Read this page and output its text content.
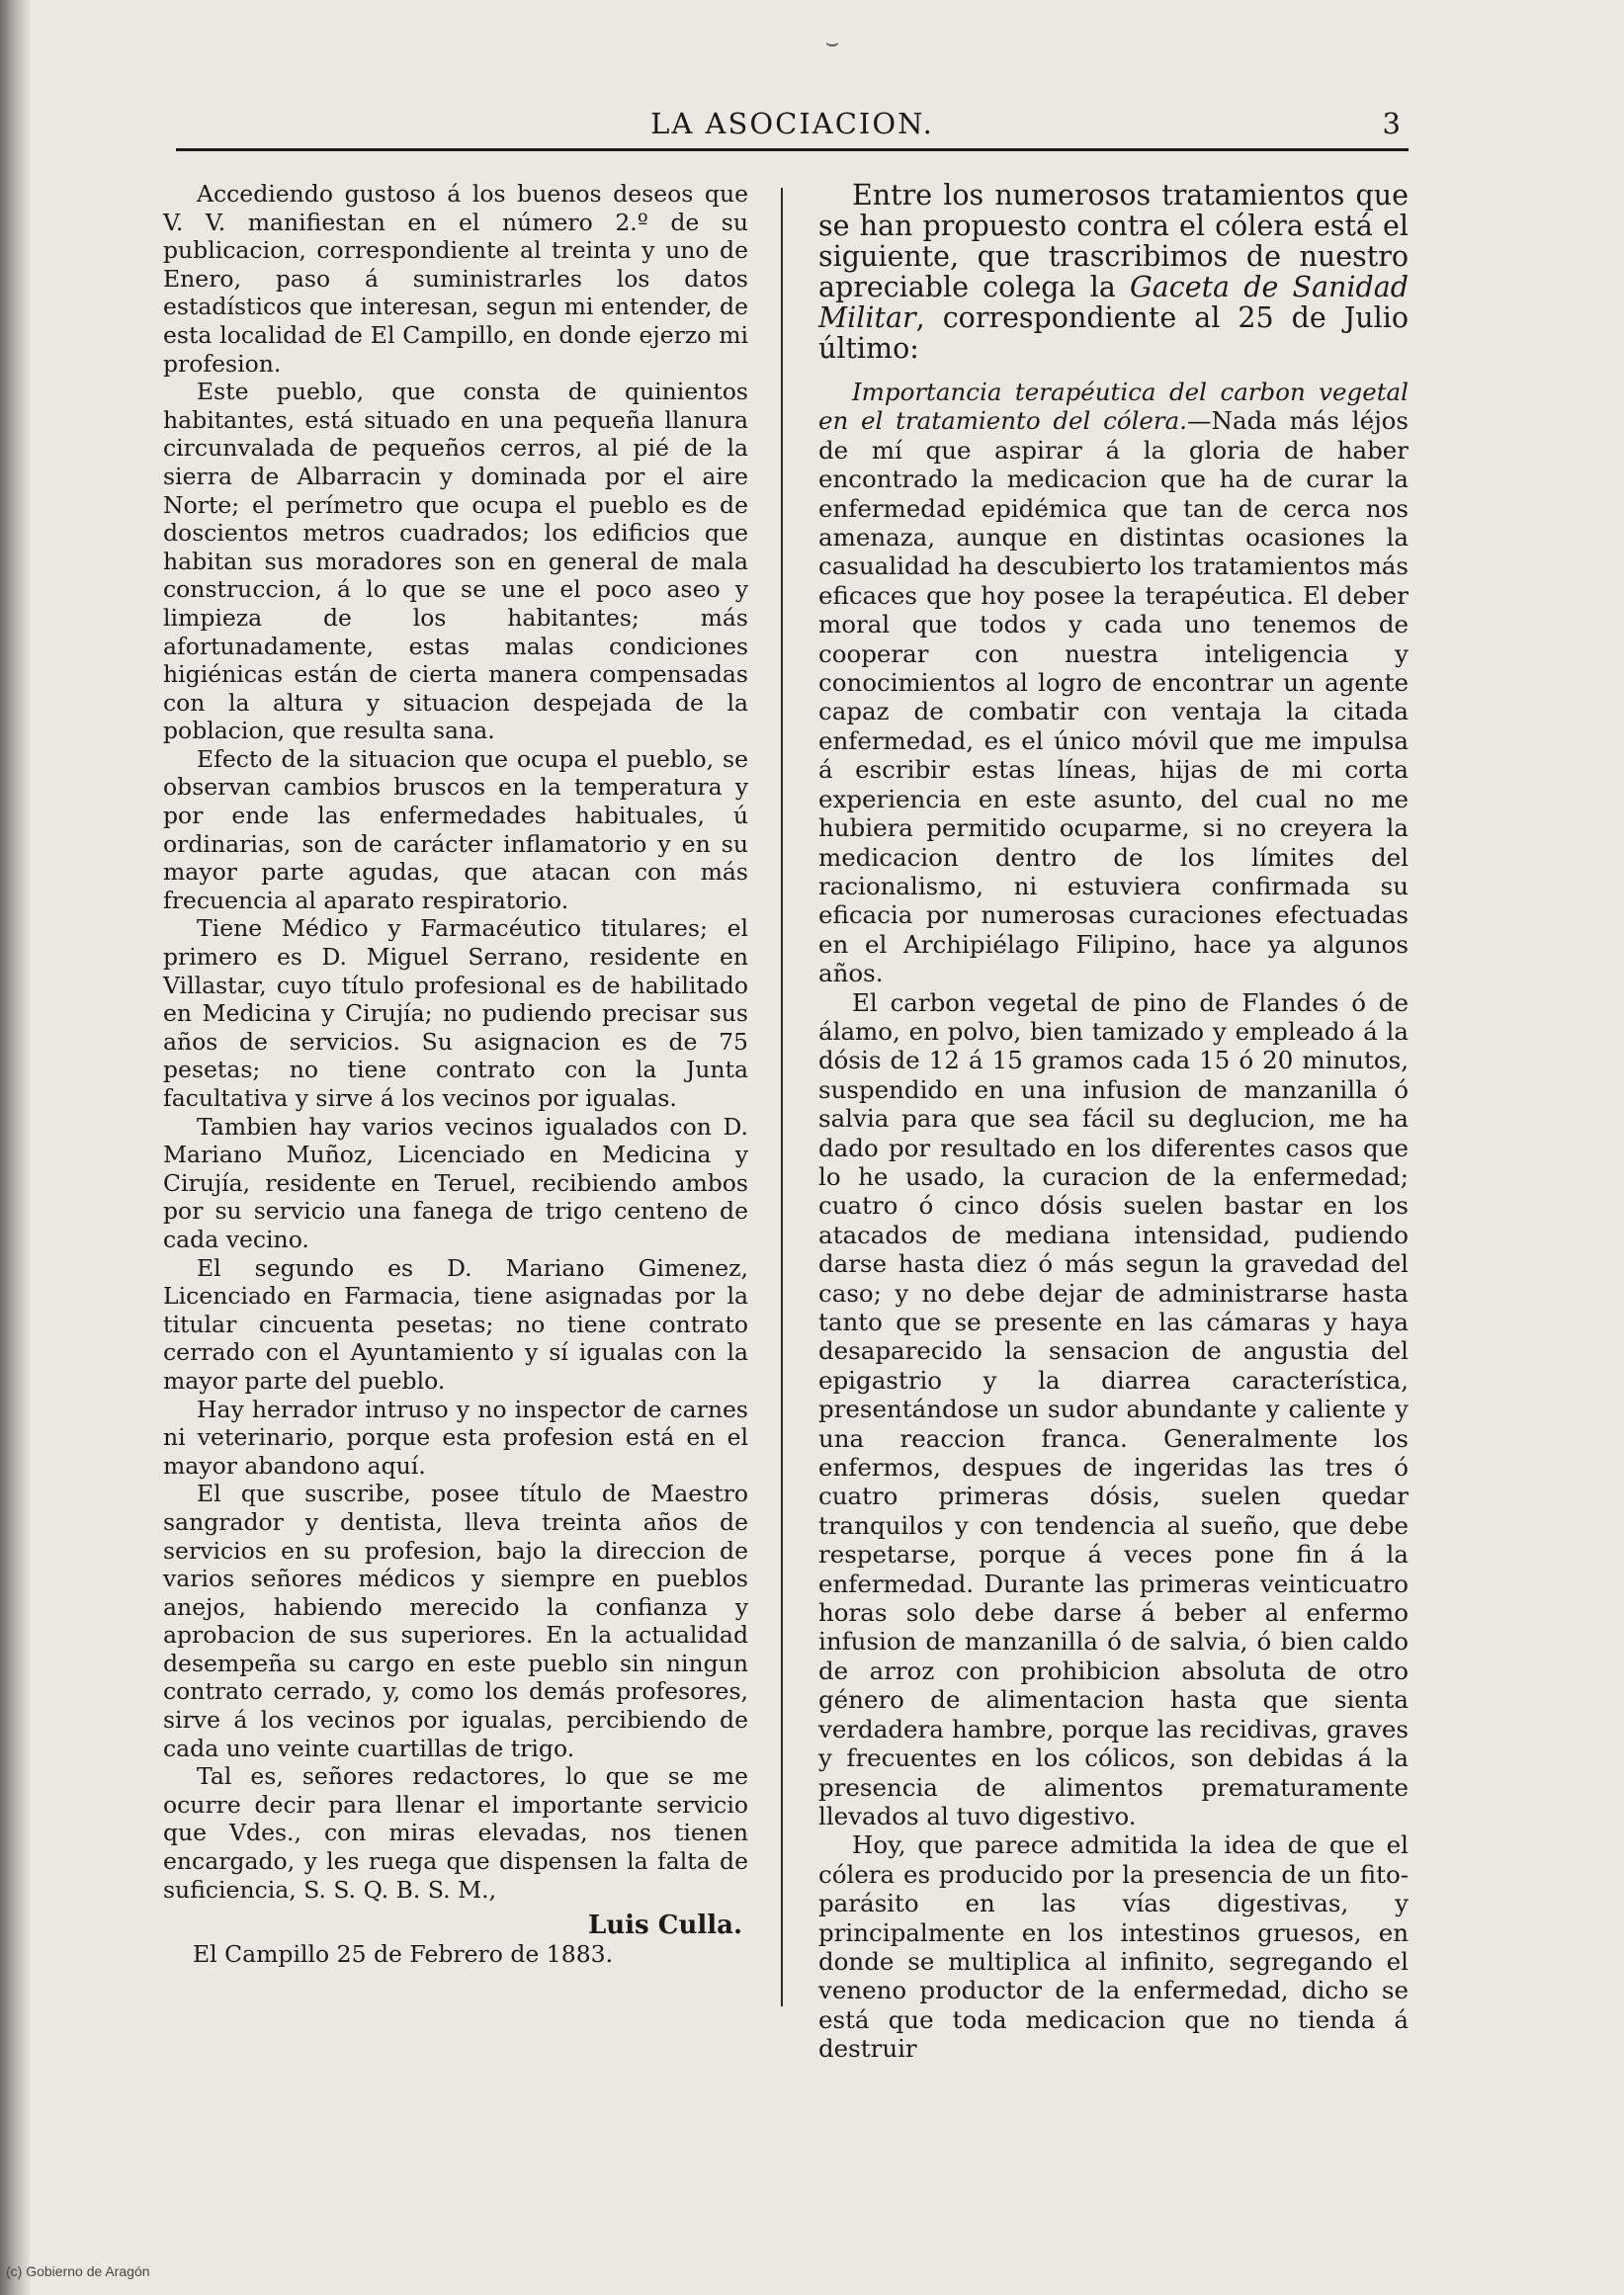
⌣
LA ASOCIACION.	3

Accediendo gustoso á los buenos deseos que V. V. manifiestan en el número 2.º de su publicacion, correspondiente al treinta y uno de Enero, paso á suministrarles los datos estadísticos que interesan, segun mi entender, de esta localidad de El Campillo, en donde ejerzo mi profesion.

Este pueblo, que consta de quinientos habitantes, está situado en una pequeña llanura circunvalada de pequeños cerros, al pié de la sierra de Albarracin y dominada por el aire Norte; el perímetro que ocupa el pueblo es de doscientos metros cuadrados; los edificios que habitan sus moradores son en general de mala construccion, á lo que se une el poco aseo y limpieza de los habitantes; más afortunadamente, estas malas condiciones higiénicas están de cierta manera compensadas con la altura y situacion despejada de la poblacion, que resulta sana.

Efecto de la situacion que ocupa el pueblo, se observan cambios bruscos en la temperatura y por ende las enfermedades habituales, ú ordinarias, son de carácter inflamatorio y en su mayor parte agudas, que atacan con más frecuencia al aparato respiratorio.

Tiene Médico y Farmacéutico titulares; el primero es D. Miguel Serrano, residente en Villastar, cuyo título profesional es de habilitado en Medicina y Cirujía; no pudiendo precisar sus años de servicios. Su asignacion es de 75 pesetas; no tiene contrato con la Junta facultativa y sirve á los vecinos por igualas.

Tambien hay varios vecinos igualados con D. Mariano Muñoz, Licenciado en Medicina y Cirujía, residente en Teruel, recibiendo ambos por su servicio una fanega de trigo centeno de cada vecino.

El segundo es D. Mariano Gimenez, Licenciado en Farmacia, tiene asignadas por la titular cincuenta pesetas; no tiene contrato cerrado con el Ayuntamiento y sí igualas con la mayor parte del pueblo.

Hay herrador intruso y no inspector de carnes ni veterinario, porque esta profesion está en el mayor abandono aquí.

El que suscribe, posee título de Maestro sangrador y dentista, lleva treinta años de servicios en su profesion, bajo la direccion de varios señores médicos y siempre en pueblos anejos, habiendo merecido la confianza y aprobacion de sus superiores. En la actualidad desempeña su cargo en este pueblo sin ningun contrato cerrado, y, como los demás profesores, sirve á los vecinos por igualas, percibiendo de cada uno veinte cuartillas de trigo.

Tal es, señores redactores, lo que se me ocurre decir para llenar el importante servicio que Vdes., con miras elevadas, nos tienen encargado, y les ruega que dispensen la falta de suficiencia, S. S. Q. B. S. M.,

Luis Culla.

El Campillo 25 de Febrero de 1883.

Entre los numerosos tratamientos que se han propuesto contra el cólera está el siguiente, que trascribimos de nuestro apreciable colega la Gaceta de Sanidad Militar, correspondiente al 25 de Julio último:

Importancia terapéutica del carbon vegetal en el tratamiento del cólera.—Nada más léjos de mí que aspirar á la gloria de haber encontrado la medicacion que ha de curar la enfermedad epidémica que tan de cerca nos amenaza, aunque en distintas ocasiones la casualidad ha descubierto los tratamientos más eficaces que hoy posee la terapéutica. El deber moral que todos y cada uno tenemos de cooperar con nuestra inteligencia y conocimientos al logro de encontrar un agente capaz de combatir con ventaja la citada enfermedad, es el único móvil que me impulsa á escribir estas líneas, hijas de mi corta experiencia en este asunto, del cual no me hubiera permitido ocuparme, si no creyera la medicacion dentro de los límites del racionalismo, ni estuviera confirmada su eficacia por numerosas curaciones efectuadas en el Archipiélago Filipino, hace ya algunos años.

El carbon vegetal de pino de Flandes ó de álamo, en polvo, bien tamizado y empleado á la dósis de 12 á 15 gramos cada 15 ó 20 minutos, suspendido en una infusion de manzanilla ó salvia para que sea fácil su deglucion, me ha dado por resultado en los diferentes casos que lo he usado, la curacion de la enfermedad; cuatro ó cinco dósis suelen bastar en los atacados de mediana intensidad, pudiendo darse hasta diez ó más segun la gravedad del caso; y no debe dejar de administrarse hasta tanto que se presente en las cámaras y haya desaparecido la sensacion de angustia del epigastrio y la diarrea característica, presentándose un sudor abundante y caliente y una reaccion franca. Generalmente los enfermos, despues de ingeridas las tres ó cuatro primeras dósis, suelen quedar tranquilos y con tendencia al sueño, que debe respetarse, porque á veces pone fin á la enfermedad. Durante las primeras veinticuatro horas solo debe darse á beber al enfermo infusion de manzanilla ó de salvia, ó bien caldo de arroz con prohibicion absoluta de otro género de alimentacion hasta que sienta verdadera hambre, porque las recidivas, graves y frecuentes en los cólicos, son debidas á la presencia de alimentos prematuramente llevados al tuvo digestivo.

Hoy, que parece admitida la idea de que el cólera es producido por la presencia de un fito-parásito en las vías digestivas, y principalmente en los intestinos gruesos, en donde se multiplica al infinito, segregando el veneno productor de la enfermedad, dicho se está que toda medicacion que no tienda á destruir

(c) Gobierno de Aragón
